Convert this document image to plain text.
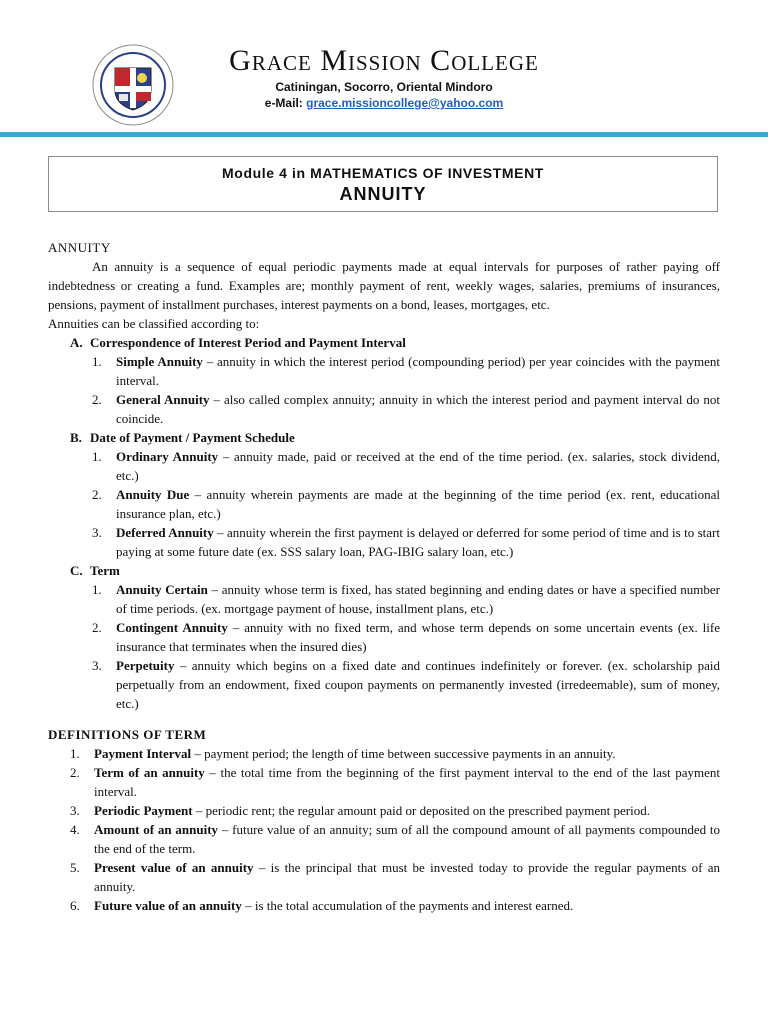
Grace Mission College
Catiningan, Socorro, Oriental Mindoro
e-Mail: grace.missioncollege@yahoo.com
Module 4 in MATHEMATICS OF INVESTMENT
ANNUITY
ANNUITY

An annuity is a sequence of equal periodic payments made at equal intervals for purposes of rather paying off indebtedness or creating a fund. Examples are; monthly payment of rent, weekly wages, salaries, premiums of insurances, pensions, payment of installment purchases, interest payments on a bond, leases, mortgages, etc.

Annuities can be classified according to:

A. Correspondence of Interest Period and Payment Interval
1.	Simple Annuity – annuity in which the interest period (compounding period) per year coincides with the payment interval.
2.	General Annuity – also called complex annuity; annuity in which the interest period and payment interval do not coincide.
B. Date of Payment / Payment Schedule
1.	Ordinary Annuity – annuity made, paid or received at the end of the time period. (ex. salaries, stock dividend, etc.)
2.	Annuity Due – annuity wherein payments are made at the beginning of the time period (ex. rent, educational insurance plan, etc.)
3.	Deferred Annuity – annuity wherein the first payment is delayed or deferred for some period of time and is to start paying at some future date (ex. SSS salary loan, PAG-IBIG salary loan, etc.)
C. Term
1.	Annuity Certain – annuity whose term is fixed, has stated beginning and ending dates or have a specified number of time periods. (ex. mortgage payment of house, installment plans, etc.)
2.	Contingent Annuity – annuity with no fixed term, and whose term depends on some uncertain events (ex. life insurance that terminates when the insured dies)
3.	Perpetuity – annuity which begins on a fixed date and continues indefinitely or forever. (ex. scholarship paid perpetually from an endowment, fixed coupon payments on permanently invested (irredeemable), sum of money, etc.)
DEFINITIONS OF TERM
1.	Payment Interval – payment period; the length of time between successive payments in an annuity.
2.	Term of an annuity – the total time from the beginning of the first payment interval to the end of the last payment interval.
3.	Periodic Payment – periodic rent; the regular amount paid or deposited on the prescribed payment period.
4.	Amount of an annuity – future value of an annuity; sum of all the compound amount of all payments compounded to the end of the term.
5.	Present value of an annuity – is the principal that must be invested today to provide the regular payments of an annuity.
6.	Future value of an annuity – is the total accumulation of the payments and interest earned.
